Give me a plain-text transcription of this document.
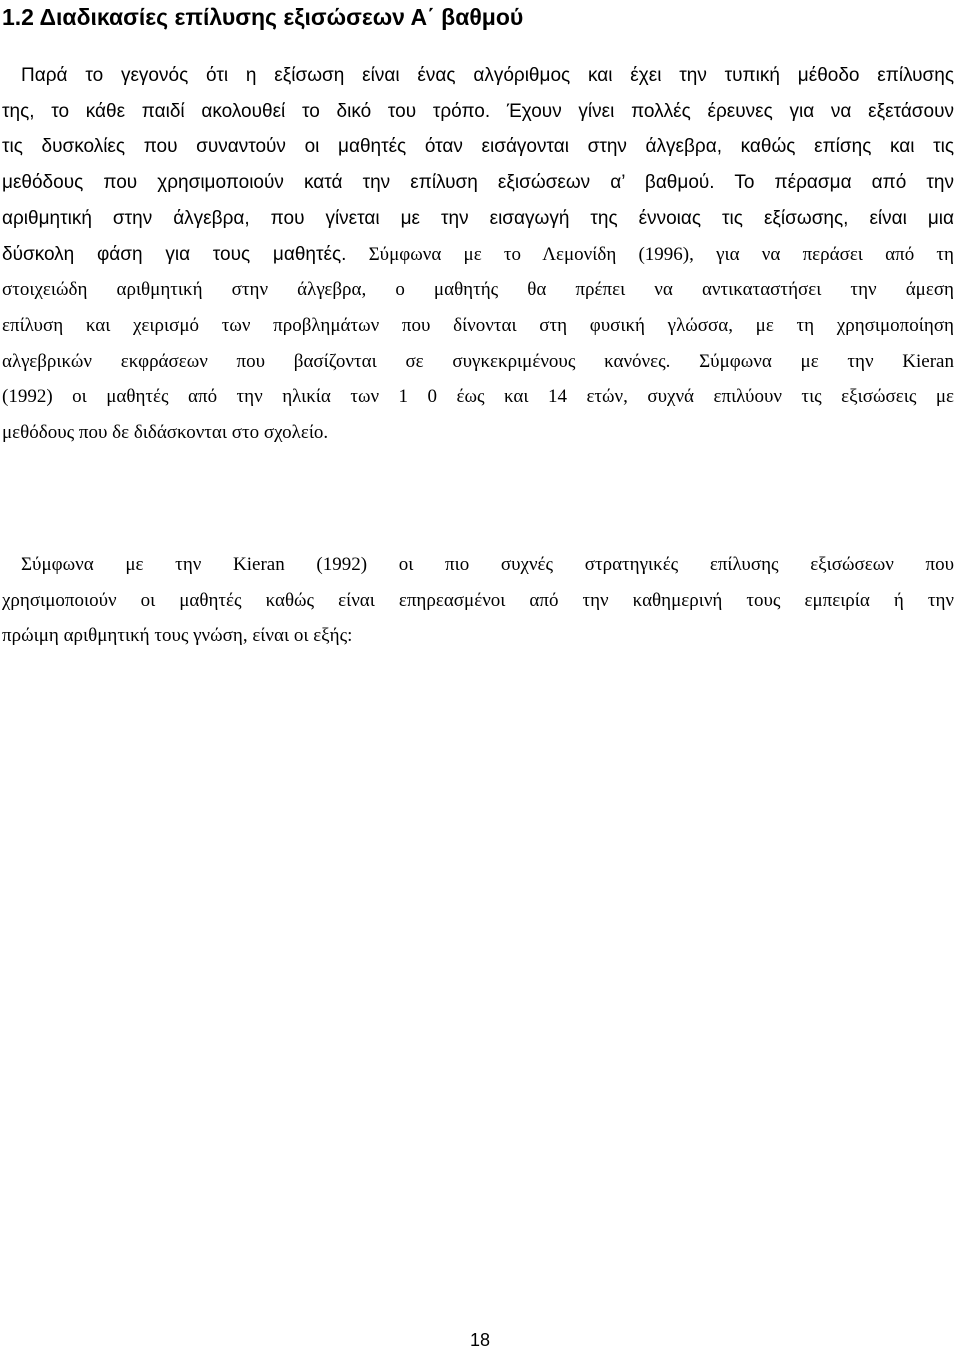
1.2 Διαδικασίες επίλυσης εξισώσεων Α΄ βαθμού
Παρά το γεγονός ότι η εξίσωση είναι ένας αλγόριθμος και έχει την τυπική μέθοδο επίλυσης
της, το κάθε παιδί ακολουθεί το δικό του τρόπο. Έχουν γίνει πολλές έρευνες για να εξετάσουν
τις δυσκολίες που συναντούν οι μαθητές όταν εισάγονται στην άλγεβρα, καθώς επίσης και τις
μεθόδους που χρησιμοποιούν κατά την επίλυση εξισώσεων α’ βαθμού. Το πέρασμα από την
αριθμητική στην άλγεβρα, που γίνεται με την εισαγωγή της έννοιας τις εξίσωσης, είναι μια
δύσκολη φάση για τους μαθητές. Σύμφωνα με το Λεμονίδη (1996), για να περάσει από τη
στοιχειώδη αριθμητική στην άλγεβρα, ο μαθητής θα πρέπει να αντικαταστήσει την άμεση
επίλυση και χειρισμό των προβλημάτων που δίνονται στη φυσική γλώσσα, με τη χρησιμοποίηση
αλγεβρικών εκφράσεων που βασίζονται σε συγκεκριμένους κανόνες. Σύμφωνα με την Kieran
(1992) οι μαθητές από την ηλικία των 1 0 έως και 14 ετών, συχνά επιλύουν τις εξισώσεις με
μεθόδους που δε διδάσκονται στο σχολείο.
Σύμφωνα με την Kieran (1992) οι πιο συχνές στρατηγικές επίλυσης εξισώσεων που
χρησιμοποιούν οι μαθητές καθώς είναι επηρεασμένοι από την καθημερινή τους εμπειρία ή την
πρώιμη αριθμητική τους γνώση, είναι οι εξής:
18
